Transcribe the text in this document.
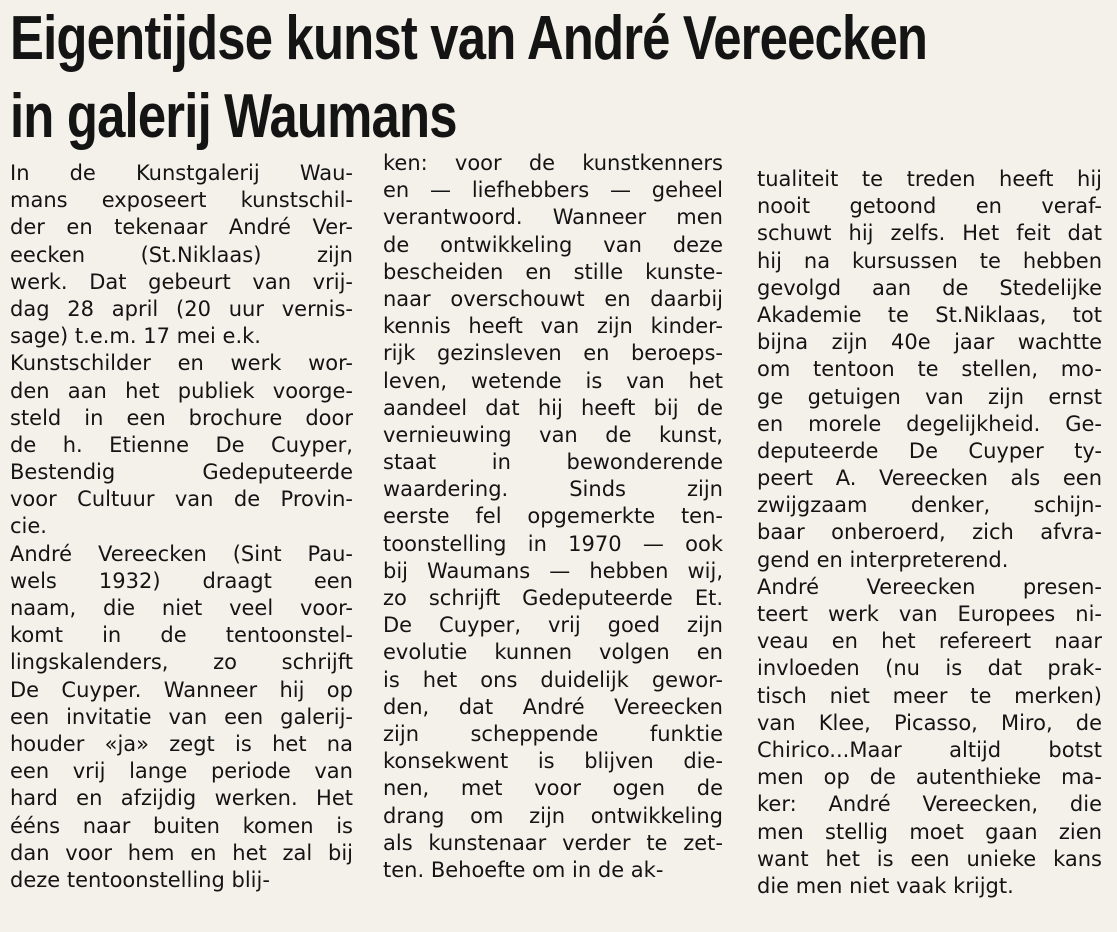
Eigentijdse kunst van André Vereecken
in galerij Waumans
In de Kunstgalerij Wau-
mans exposeert kunstschil-
der en tekenaar André Ver-
eecken (St.Niklaas) zijn
werk. Dat gebeurt van vrij-
dag 28 april (20 uur vernis-
sage) t.e.m. 17 mei e.k.
Kunstschilder en werk wor-
den aan het publiek voorge-
steld in een brochure door
de h. Etienne De Cuyper,
Bestendig Gedeputeerde
voor Cultuur van de Provin-
cie.
André Vereecken (Sint Pau-
wels 1932) draagt een
naam, die niet veel voor-
komt in de tentoonstel-
lingskalenders, zo schrijft
De Cuyper. Wanneer hij op
een invitatie van een galerij-
houder «ja» zegt is het na
een vrij lange periode van
hard en afzijdig werken. Het
ééns naar buiten komen is
dan voor hem en het zal bij
deze tentoonstelling blij-
ken: voor de kunstkenners
en — liefhebbers — geheel
verantwoord. Wanneer men
de ontwikkeling van deze
bescheiden en stille kunste-
naar overschouwt en daarbij
kennis heeft van zijn kinder-
rijk gezinsleven en beroeps-
leven, wetende is van het
aandeel dat hij heeft bij de
vernieuwing van de kunst,
staat in bewonderende
waardering. Sinds zijn
eerste fel opgemerkte ten-
toonstelling in 1970 — ook
bij Waumans — hebben wij,
zo schrijft Gedeputeerde Et.
De Cuyper, vrij goed zijn
evolutie kunnen volgen en
is het ons duidelijk gewor-
den, dat André Vereecken
zijn scheppende funktie
konsekwent is blijven die-
nen, met voor ogen de
drang om zijn ontwikkeling
als kunstenaar verder te zet-
ten. Behoefte om in de ak-
tualiteit te treden heeft hij
nooit getoond en veraf-
schuwt hij zelfs. Het feit dat
hij na kursussen te hebben
gevolgd aan de Stedelijke
Akademie te St.Niklaas, tot
bijna zijn 40e jaar wachtte
om tentoon te stellen, mo-
ge getuigen van zijn ernst
en morele degelijkheid. Ge-
deputeerde De Cuyper ty-
peert A. Vereecken als een
zwijgzaam denker, schijn-
baar onberoerd, zich afvra-
gend en interpreterend.
André Vereecken presen-
teert werk van Europees ni-
veau en het refereert naar
invloeden (nu is dat prak-
tisch niet meer te merken)
van Klee, Picasso, Miro, de
Chirico...Maar altijd botst
men op de autenthieke ma-
ker: André Vereecken, die
men stellig moet gaan zien
want het is een unieke kans
die men niet vaak krijgt.
